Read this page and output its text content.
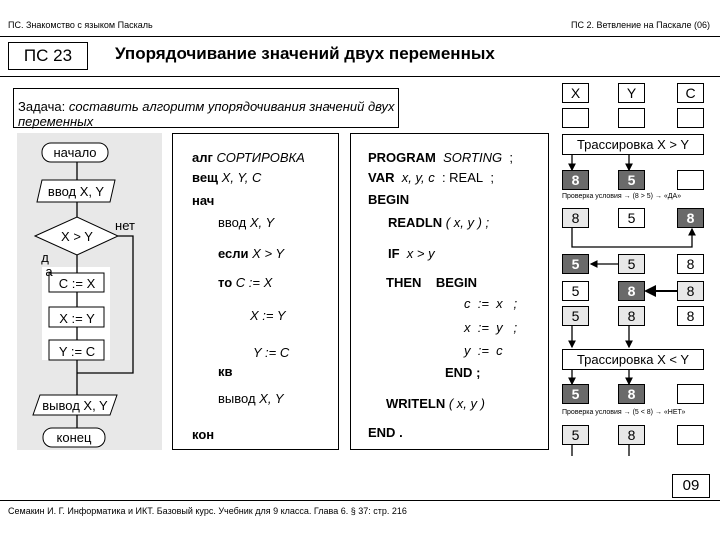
ПС. Знакомство с языком Паскаль	ПС 2. Ветвление на Паскале (06)
ПС 23	Упорядочивание значений двух переменных
Задача: составить алгоритм упорядочивания значений двух переменных
начало
ввод X, Y
X > Y
нет
д
а
C := X
X := Y
Y := C
вывод X, Y
конец
алг СОРТИРОВКА
вещ X, Y, C
нач
ввод X, Y
если X > Y
то C := X
X := Y
Y := C
кв
вывод X, Y
кон
PROGRAM SORTING ;
VAR x, y, c : REAL ;
BEGIN
READLN ( x, y ) ;
IF x > y
THEN BEGIN
c  :=  x ;
x  :=  y ;
y  :=  c
END ;
WRITELN ( x, y )
END .
X	Y	C
Трассировка X > Y
8	5
Проверка условия → (8 > 5) → «ДА»
8	5	8
5	5	8
5	8	8
5	8	8
Трассировка X < Y
5	8
Проверка условия → (5 < 8) → «НЕТ»
5	8
09
Семакин И. Г. Информатика и ИКТ. Базовый курс. Учебник для 9 класса. Глава 6. § 37: стр. 216
